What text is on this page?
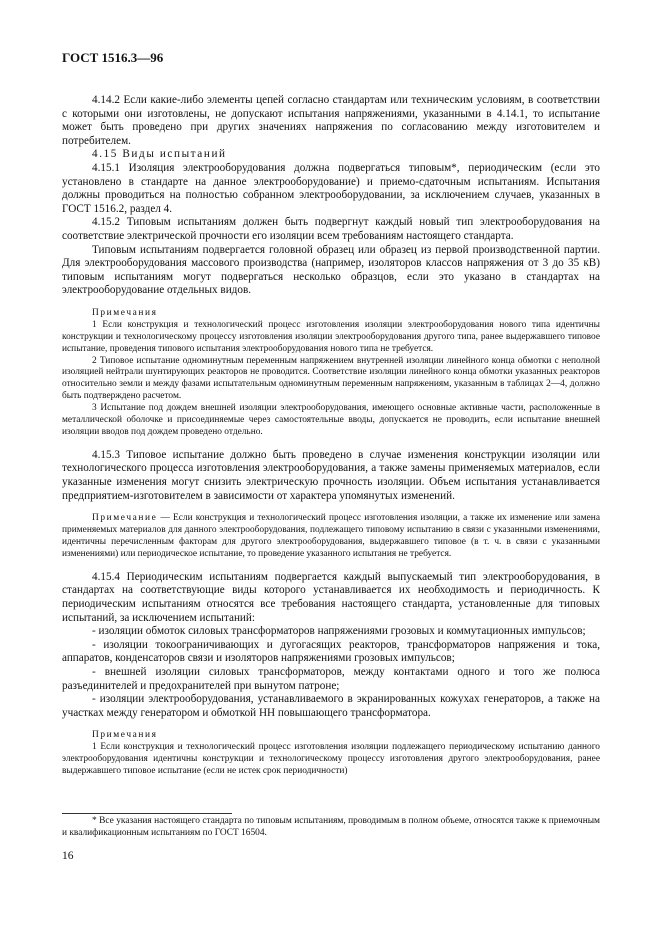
ГОСТ 1516.3—96

4.14.2 Если какие-либо элементы цепей согласно стандартам или техническим условиям, в соответствии с которыми они изготовлены, не допускают испытания напряжениями, указанными в 4.14.1, то испытание может быть проведено при других значениях напряжения по согласованию между изготовителем и потребителем.

4.15 Виды испытаний

4.15.1 Изоляция электрооборудования должна подвергаться типовым*, периодическим (если это установлено в стандарте на данное электрооборудование) и приемо-сдаточным испытаниям. Испытания должны проводиться на полностью собранном электрооборудовании, за исключением случаев, указанных в ГОСТ 1516.2, раздел 4.

4.15.2 Типовым испытаниям должен быть подвергнут каждый новый тип электрооборудования на соответствие электрической прочности его изоляции всем требованиям настоящего стандарта.

Типовым испытаниям подвергается головной образец или образец из первой производственной партии. Для электрооборудования массового производства (например, изоляторов классов напряжения от 3 до 35 кВ) типовым испытаниям могут подвергаться несколько образцов, если это указано в стандартах на электрооборудование отдельных видов.

Примечания

1 Если конструкция и технологический процесс изготовления изоляции электрооборудования нового типа идентичны конструкции и технологическому процессу изготовления изоляции электрооборудования другого типа, ранее выдержавшего типовое испытание, проведения типового испытания электрооборудования нового типа не требуется.

2 Типовое испытание одноминутным переменным напряжением внутренней изоляции линейного конца обмотки с неполной изоляцией нейтрали шунтирующих реакторов не проводится. Соответствие изоляции линейного конца обмотки указанных реакторов относительно земли и между фазами испытательным одноминутным переменным напряжениям, указанным в таблицах 2—4, должно быть подтверждено расчетом.

3 Испытание под дождем внешней изоляции электрооборудования, имеющего основные активные части, расположенные в металлической оболочке и присоединяемые через самостоятельные вводы, допускается не проводить, если испытание внешней изоляции вводов под дождем проведено отдельно.

4.15.3 Типовое испытание должно быть проведено в случае изменения конструкции изоляции или технологического процесса изготовления электрооборудования, а также замены применяемых материалов, если указанные изменения могут снизить электрическую прочность изоляции. Объем испытания устанавливается предприятием-изготовителем в зависимости от характера упомянутых изменений.

Примечание — Если конструкция и технологический процесс изготовления изоляции, а также их изменение или замена применяемых материалов для данного электрооборудования, подлежащего типовому испытанию в связи с указанными изменениями, идентичны перечисленным факторам для другого электрооборудования, выдержавшего типовое (в т. ч. в связи с указанными изменениями) или периодическое испытание, то проведение указанного испытания не требуется.

4.15.4 Периодическим испытаниям подвергается каждый выпускаемый тип электрооборудования, в стандартах на соответствующие виды которого устанавливается их необходимость и периодичность. К периодическим испытаниям относятся все требования настоящего стандарта, установленные для типовых испытаний, за исключением испытаний:

- изоляции обмоток силовых трансформаторов напряжениями грозовых и коммутационных импульсов;

- изоляции токоограничивающих и дугогасящих реакторов, трансформаторов напряжения и тока, аппаратов, конденсаторов связи и изоляторов напряжениями грозовых импульсов;

- внешней изоляции силовых трансформаторов, между контактами одного и того же полюса разъединителей и предохранителей при вынутом патроне;

- изоляции электрооборудования, устанавливаемого в экранированных кожухах генераторов, а также на участках между генератором и обмоткой НН повышающего трансформатора.

Примечания

1 Если конструкция и технологический процесс изготовления изоляции подлежащего периодическому испытанию данного электрооборудования идентичны конструкции и технологическому процессу изготовления другого электрооборудования, ранее выдержавшего типовое испытание (если не истек срок периодичности)

* Все указания настоящего стандарта по типовым испытаниям, проводимым в полном объеме, относятся также к приемочным и квалификационным испытаниям по ГОСТ 16504.

16
